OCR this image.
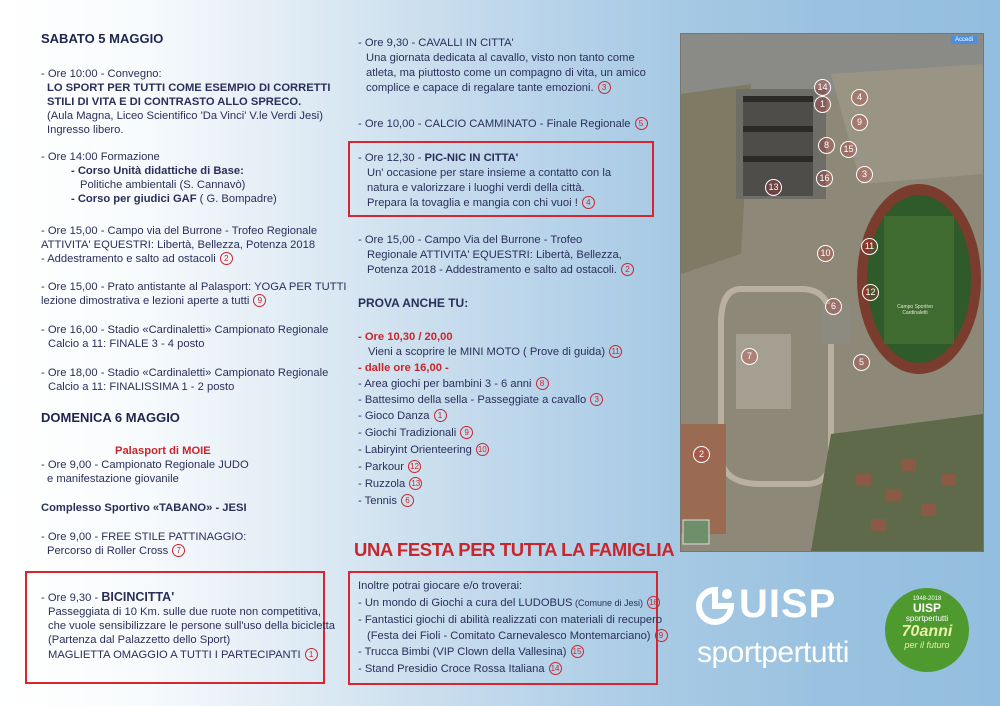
SABATO 5 MAGGIO
- Ore 10:00 - Convegno:
LO SPORT PER TUTTI COME ESEMPIO DI CORRETTI
STILI DI VITA E DI CONTRASTO ALLO SPRECO.
(Aula Magna, Liceo Scientifico 'Da Vinci' V.le Verdi Jesi)
Ingresso libero.
- Ore 14:00 Formazione
- Corso Unità didattiche di Base:
Politiche ambientali (S. Cannavò)
- Corso per giudici GAF ( G. Bompadre)
- Ore 15,00 - Campo via del Burrone - Trofeo Regionale
ATTIVITA' EQUESTRI: Libertà, Bellezza, Potenza 2018
- Addestramento e salto ad ostacoli 2
- Ore 15,00 - Prato antistante al Palasport: YOGA PER TUTTI
lezione dimostrativa e lezioni aperte a tutti 9
- Ore 16,00 - Stadio «Cardinaletti» Campionato Regionale
Calcio a 11: FINALE 3 - 4 posto
- Ore 18,00 - Stadio «Cardinaletti» Campionato Regionale
Calcio a 11: FINALISSIMA 1 - 2 posto
DOMENICA 6 MAGGIO
Palasport di MOIE
- Ore 9,00 - Campionato Regionale JUDO
e manifestazione giovanile
Complesso Sportivo «TABANO» - JESI
- Ore 9,00 - FREE STILE PATTINAGGIO:
Percorso di Roller Cross 7
- Ore 9,30 - BICINCITTA'
Passeggiata di 10 Km. sulle due ruote non competitiva,
che vuole sensibilizzare le persone sull'uso della bicicletta
(Partenza dal Palazzetto dello Sport)
MAGLIETTA OMAGGIO A TUTTI I PARTECIPANTI 1
- Ore 9,30 - CAVALLI IN CITTA'
Una giornata dedicata al cavallo, visto non tanto come
atleta, ma piuttosto come un compagno di vita, un amico
complice e capace di regalare tante emozioni. 3
- Ore 10,00 - CALCIO CAMMINATO - Finale Regionale 5
- Ore 12,30 - PIC-NIC IN CITTA'
Un' occasione per stare insieme a contatto con la
natura e valorizzare i luoghi verdi della città.
Prepara la tovaglia e mangia con chi vuoi ! 4
- Ore 15,00 - Campo Via del Burrone - Trofeo
Regionale ATTIVITA' EQUESTRI: Libertà, Bellezza,
Potenza 2018 - Addestramento e salto ad ostacoli. 2
PROVA ANCHE TU:
- Ore 10,30 / 20,00
Vieni a scoprire le MINI MOTO ( Prove di guida) 11
- dalle ore 16,00 -
- Area giochi per bambini 3 - 6 anni 8
- Battesimo della sella - Passeggiate a cavallo 3
- Gioco Danza 1
- Giochi Tradizionali 9
- Labiryint Orienteering 10
- Parkour 12
- Ruzzola 13
- Tennis 6
UNA FESTA PER TUTTA LA FAMIGLIA
Inoltre potrai giocare e/o troverai:
- Un mondo di Giochi a cura del LUDOBUS (Comune di Jesi) 16
- Fantastici giochi di abilità realizzati con materiali di recupero
(Festa dei Fioli - Comitato Carnevalesco Montemarciano) 9
- Trucca Bimbi (VIP Clown della Vallesina) 15
- Stand Presidio Croce Rossa Italiana 14
Accedi
Campo Sportivo Cardinaletti
14
1
4
9
8	15
3
16
13
11
10
12
6
7
5
2
UISP
sportpertutti
1948-2018
UISP
sportpertutti
70anni
per il futuro
